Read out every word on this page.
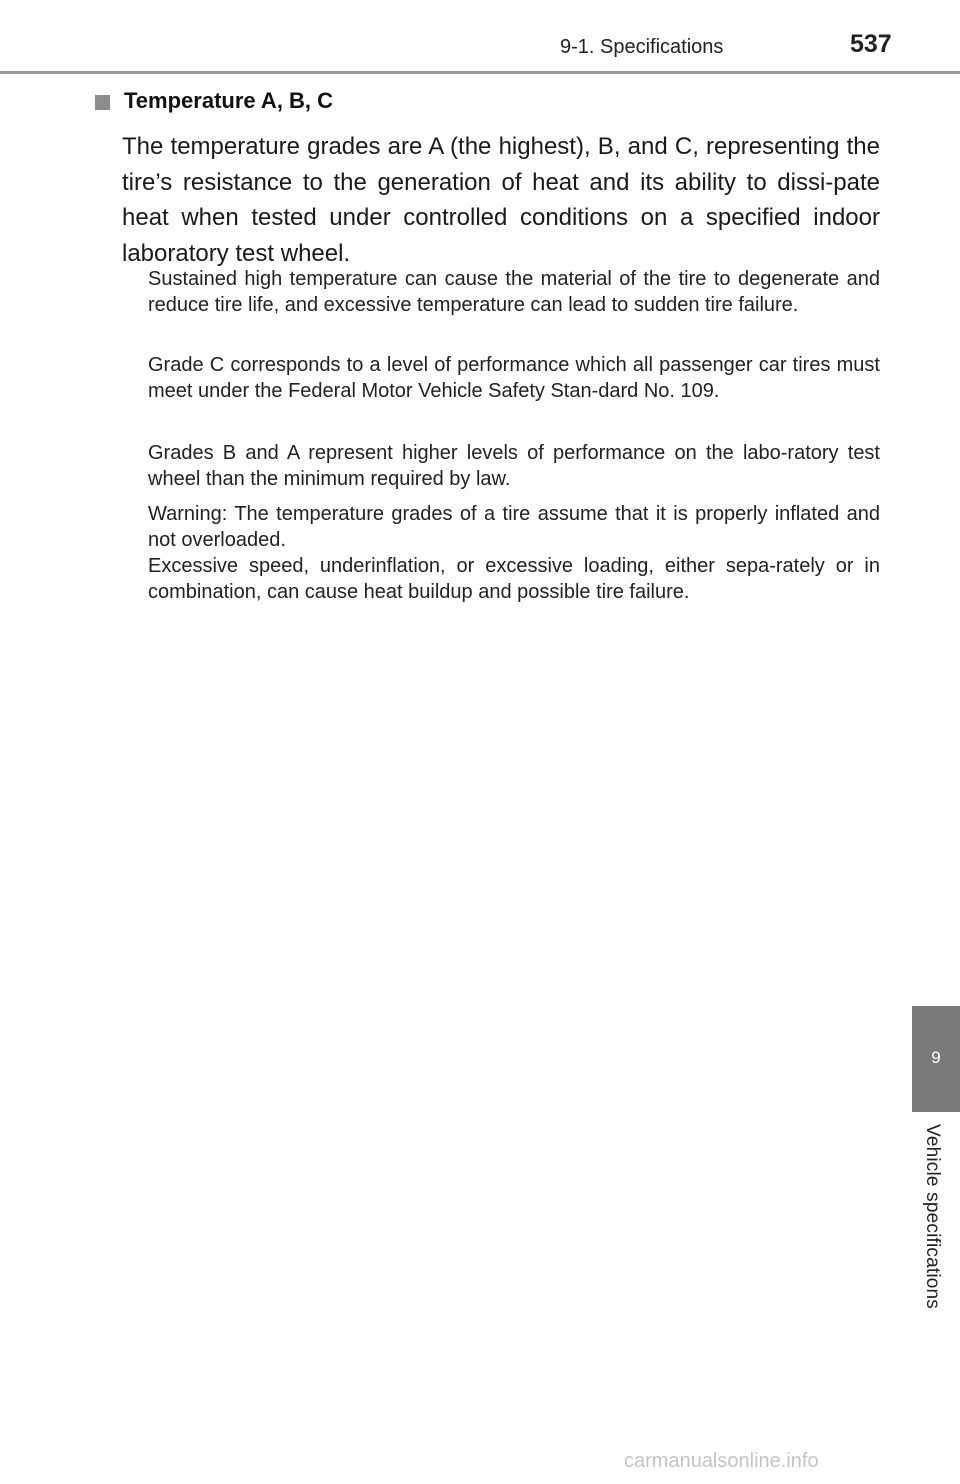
9-1. Specifications	537
Temperature A, B, C

The temperature grades are A (the highest), B, and C, representing the tire’s resistance to the generation of heat and its ability to dissi-pate heat when tested under controlled conditions on a specified indoor laboratory test wheel.

Sustained high temperature can cause the material of the tire to degenerate and reduce tire life, and excessive temperature can lead to sudden tire failure.

Grade C corresponds to a level of performance which all passenger car tires must meet under the Federal Motor Vehicle Safety Stan-dard No. 109.

Grades B and A represent higher levels of performance on the labo-ratory test wheel than the minimum required by law.

Warning: The temperature grades of a tire assume that it is properly inflated and not overloaded.

Excessive speed, underinflation, or excessive loading, either sepa-rately or in combination, can cause heat buildup and possible tire failure.

9
Vehicle specifications
carmanualsonline.info
